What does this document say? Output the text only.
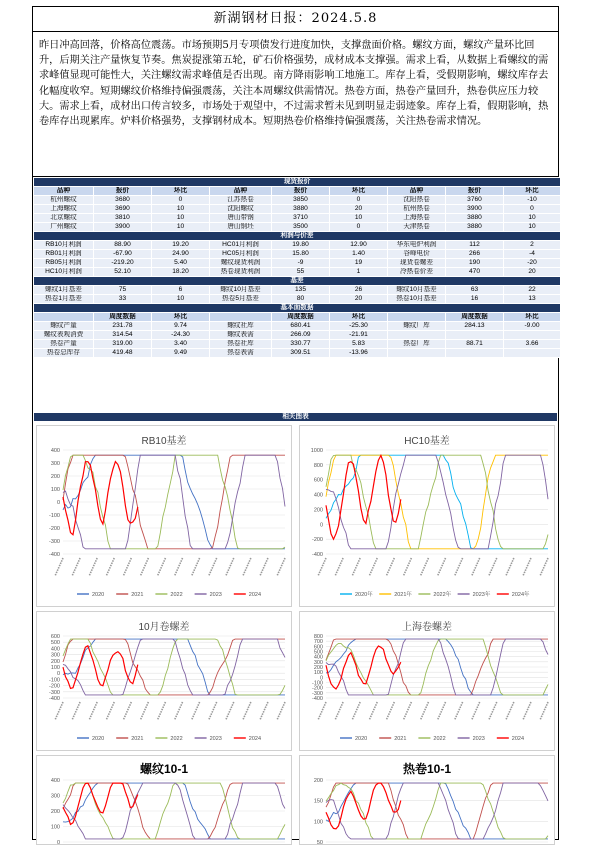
新湖钢材日报：2024.5.8
昨日冲高回落，价格高位震荡。市场预期5月专项债发行进度加快，支撑盘面价格。螺纹方面，螺纹产量环比回升，后期关注产量恢复节奏。焦炭提涨第五轮，矿石价格强势，成材成本支撑强。需求上看，从数据上看螺纹的需求峰值显现可能性大，关注螺纹需求峰值是否出现。南方降雨影响工地施工。库存上看，受假期影响，螺纹库存去化幅度收窄。短期螺纹价格维持偏强震荡，关注本周螺纹供需情况。热卷方面，热卷产量回升，热卷供应压力较大。需求上看，成材出口传言较多，市场处于观望中，不过需求暂未见到明显走弱迹象。库存上看，假期影响，热卷库存出现累库。炉料价格强势，支撑钢材成本。短期热卷价格维持偏强震荡，关注热卷需求情况。
现货报价								
品种	报价	环比	品种	报价	环比	品种	报价	环比
杭州螺纹	3680	0	江苏热卷	3850	0	沈阳热卷	3760	-10
上海螺纹	3690	10	沈阳螺纹	3880	20	杭州热卷	3900	0
北京螺纹	3810	10	唐山带钢	3710	10	上海热卷	3880	10
广州螺纹	3900	10	唐山钢坯	3500	0	天津热卷	3880	10
利润与价差								
RB10月利润	88.90	19.20	HC01月利润	19.80	12.90	华东电炉利润	112	2
RB01月利润	-67.90	24.90	HC05月利润	15.80	1.40	谷峰电价	266	-4
RB05月利润	-219.20	5.40	螺纹现货利润	-9	19	现货卷螺差	190	-20
HC10月利润	52.10	18.20	热卷现货利润	55	1	冷热卷价差	470	20
基差								
螺纹1月基差	75	6	螺纹10月基差	135	26	螺纹10月基差	63	22
热卷1月基差	33	10	热卷5月基差	80	20	热卷10月基差	16	13
基本面数据								
	周度数据	环比		周度数据	环比		周度数据	环比
螺纹产量	231.78	9.74	螺纹社库	680.41	-25.30	螺纹厂库	284.13	-9.00
螺纹表观消费	314.54	-24.30	螺纹表需	266.09	-21.91			
热卷产量	319.00	3.40	热卷社库	330.77	5.83	热卷厂库	88.71	3.66
热卷总库存	419.48	9.49	热卷表需	309.51	-13.96			
相关图表
RB10基差
400
300
200
100
0
-100
-200
-300
-400
2020	2021	2022	2023	2024
HC10基差
1000
800
600
400
200
0
-200
-400
2020年	2021年	2022年	2023年	2024年
10月卷螺差
600
500
400
300
200
100
0
-100
-200
-300
-400
2020	2021	2022	2023	2024
上海卷螺差
800
700
600
500
400
300
200
100
0
-100
-200
-300
-400
2020	2021	2022	2023	2024
螺纹10-1
400
300
200
100
0
热卷10-1
200
150
100
50
